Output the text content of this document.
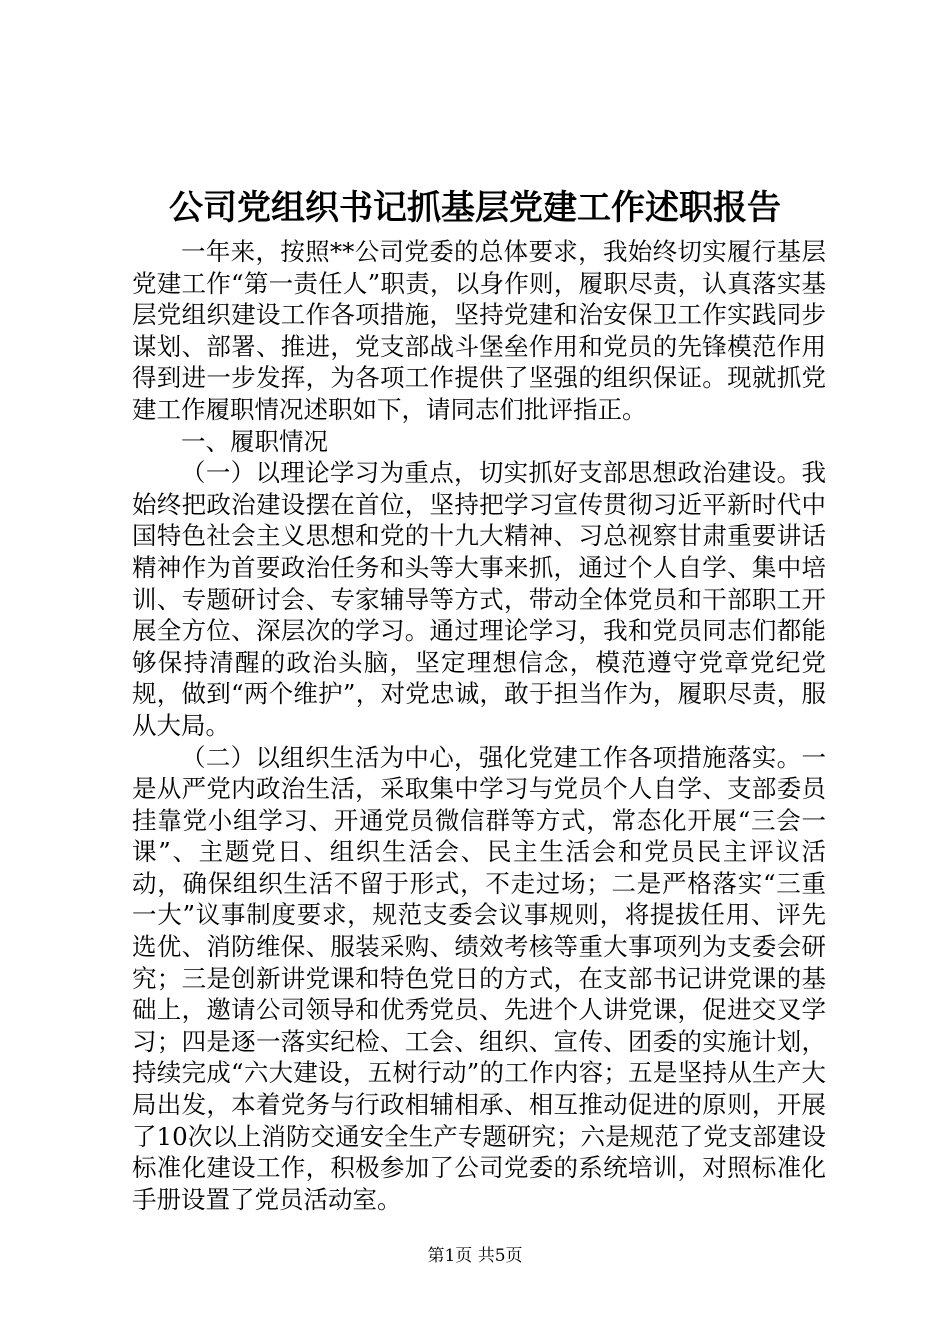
公司党组织书记抓基层党建工作述职报告

一年来，按照**公司党委的总体要求，我始终切实履行基层党建工作“第一责任人”职责，以身作则，履职尽责，认真落实基层党组织建设工作各项措施，坚持党建和治安保卫工作实践同步谋划、部署、推进，党支部战斗堡垒作用和党员的先锋模范作用得到进一步发挥，为各项工作提供了坚强的组织保证。现就抓党建工作履职情况述职如下，请同志们批评指正。

一、履职情况

（一）以理论学习为重点，切实抓好支部思想政治建设。我始终把政治建设摆在首位，坚持把学习宣传贯彻习近平新时代中国特色社会主义思想和党的十九大精神、习总视察甘肃重要讲话精神作为首要政治任务和头等大事来抓，通过个人自学、集中培训、专题研讨会、专家辅导等方式，带动全体党员和干部职工开展全方位、深层次的学习。通过理论学习，我和党员同志们都能够保持清醒的政治头脑，坚定理想信念，模范遵守党章党纪党规，做到“两个维护”，对党忠诚，敢于担当作为，履职尽责，服从大局。

（二）以组织生活为中心，强化党建工作各项措施落实。一是从严党内政治生活，采取集中学习与党员个人自学、支部委员挂靠党小组学习、开通党员微信群等方式，常态化开展“三会一课”、主题党日、组织生活会、民主生活会和党员民主评议活动，确保组织生活不留于形式，不走过场；二是严格落实“三重一大”议事制度要求，规范支委会议事规则，将提拔任用、评先选优、消防维保、服装采购、绩效考核等重大事项列为支委会研究；三是创新讲党课和特色党日的方式，在支部书记讲党课的基础上，邀请公司领导和优秀党员、先进个人讲党课，促进交叉学习；四是逐一落实纪检、工会、组织、宣传、团委的实施计划，持续完成“六大建设，五树行动”的工作内容；五是坚持从生产大局出发，本着党务与行政相辅相承、相互推动促进的原则，开展了10次以上消防交通安全生产专题研究；六是规范了党支部建设标准化建设工作，积极参加了公司党委的系统培训，对照标准化手册设置了党员活动室。

第1页 共5页
